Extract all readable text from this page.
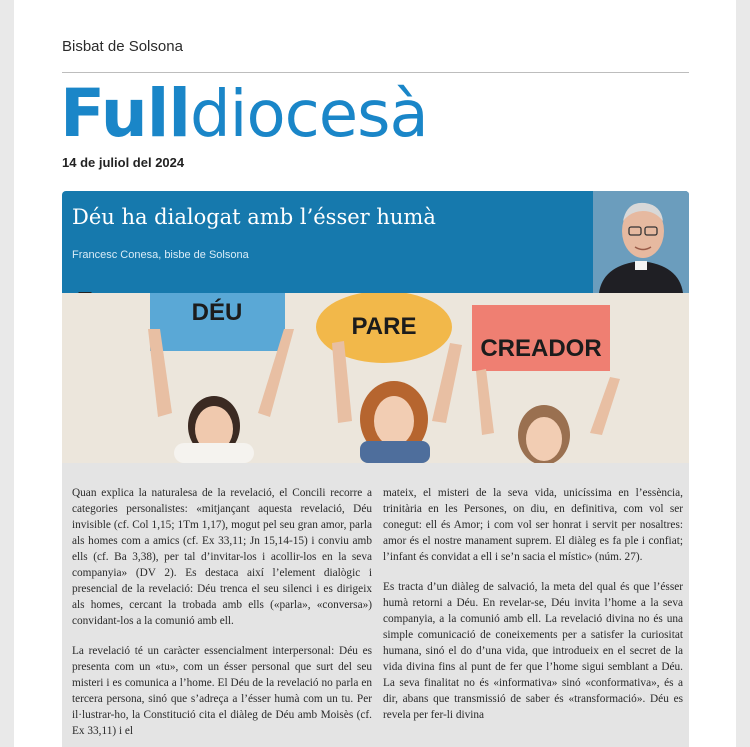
Bisbat de Solsona
Fulldiocesà
14 de juliol del 2024
Déu ha dialogat amb l’ésser humà
Francesc Conesa, bisbe de Solsona
DÉU
PARE
CREADOR

Quan explica la naturalesa de la revelació, el Concili recorre a categories personalistes: «mitjançant aquesta revelació, Déu invisible (cf. Col 1,15; 1Tm 1,17), mogut pel seu gran amor, parla als homes com a amics (cf. Ex 33,11; Jn 15,14-15) i conviu amb ells (cf. Ba 3,38), per tal d’invitar-los i acollir-los en la seva companyia» (DV 2). Es destaca així l’element dialògic i presencial de la revelació: Déu trenca el seu silenci i es dirigeix als homes, cercant la trobada amb ells («parla», «conversa») convidant-los a la comunió amb ell.

La revelació té un caràcter essencialment interpersonal: Déu es presenta com un «tu», com un ésser personal que surt del seu misteri i es comunica a l’home. El Déu de la revelació no parla en tercera persona, sinó que s’adreça a l’ésser humà com un tu. Per il·lustrar-ho, la Constitució cita el diàleg de Déu amb Moisès (cf. Ex 33,11) i el

mateix, el misteri de la seva vida, unicíssima en l’essència, trinitària en les Persones, on diu, en definitiva, com vol ser conegut: ell és Amor; i com vol ser honrat i servit per nosaltres: amor és el nostre manament suprem. El diàleg es fa ple i confiat; l’infant és convidat a ell i se’n sacia el místic» (núm. 27).

Es tracta d’un diàleg de salvació, la meta del qual és que l’ésser humà retorni a Déu. En revelar-se, Déu invita l’home a la seva companyia, a la comunió amb ell. La revelació divina no és una simple comunicació de coneixements per a satisfer la curiositat humana, sinó el do d’una vida, que introdueix en el secret de la vida divina fins al punt de fer que l’home sigui semblant a Déu. La seva finalitat no és «informativa» sinó «conformativa», és a dir, abans que transmissió de saber és «transformació». Déu es revela per fer-li divina
